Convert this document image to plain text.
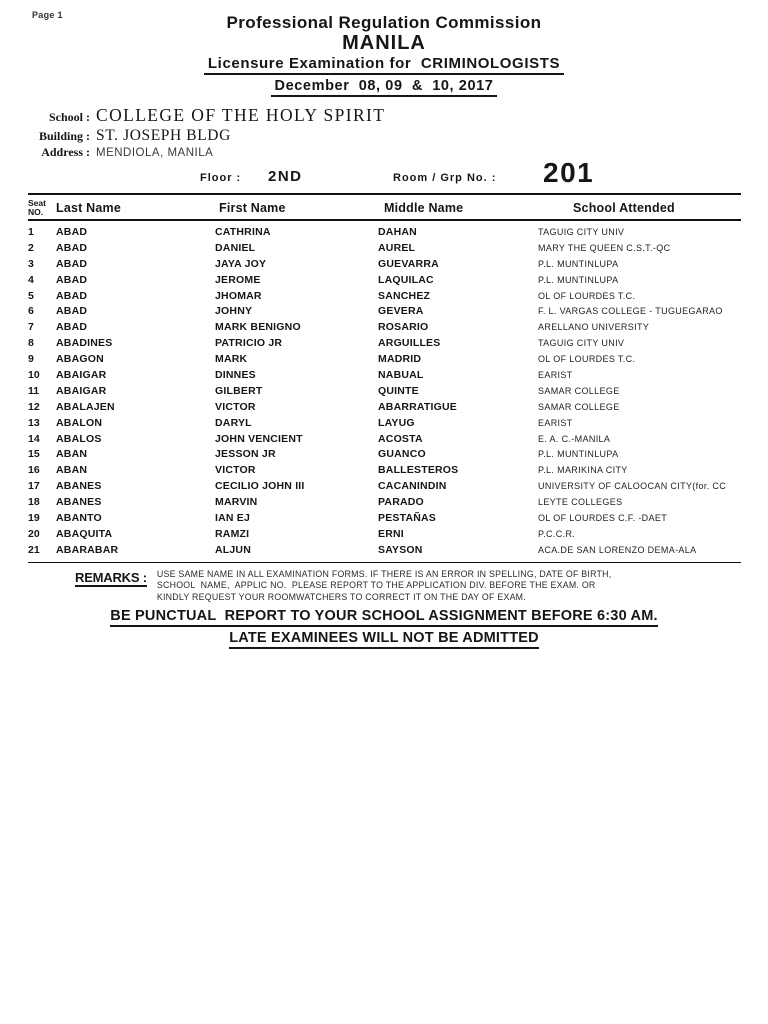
Page 1	Professional Regulation Commission
MANILA
Licensure Examination for  CRIMINOLOGISTS
December  08, 09  &  10, 2017
School : COLLEGE OF THE HOLY SPIRIT
Building : ST. JOSEPH BLDG
Address : MENDIOLA, MANILA
Floor : 2ND	Room / Grp No. : 201
Seat
NO.	Last Name	First Name	Middle Name	School Attended
1	ABAD	CATHRINA	DAHAN	TAGUIG CITY UNIV
2	ABAD	DANIEL	AUREL	MARY THE QUEEN C.S.T.-QC
3	ABAD	JAYA JOY	GUEVARRA	P.L. MUNTINLUPA
4	ABAD	JEROME	LAQUILAC	P.L. MUNTINLUPA
5	ABAD	JHOMAR	SANCHEZ	OL OF LOURDES T.C.
6	ABAD	JOHNY	GEVERA	F. L. VARGAS COLLEGE - TUGUEGARAO
7	ABAD	MARK BENIGNO	ROSARIO	ARELLANO UNIVERSITY
8	ABADINES	PATRICIO JR	ARGUILLES	TAGUIG CITY UNIV
9	ABAGON	MARK	MADRID	OL OF LOURDES T.C.
10	ABAIGAR	DINNES	NABUAL	EARIST
11	ABAIGAR	GILBERT	QUINTE	SAMAR COLLEGE
12	ABALAJEN	VICTOR	ABARRATIGUE	SAMAR COLLEGE
13	ABALON	DARYL	LAYUG	EARIST
14	ABALOS	JOHN VENCIENT	ACOSTA	E. A. C.-MANILA
15	ABAN	JESSON JR	GUANCO	P.L. MUNTINLUPA
16	ABAN	VICTOR	BALLESTEROS	P.L. MARIKINA CITY
17	ABANES	CECILIO JOHN III	CACANINDIN	UNIVERSITY OF CALOOCAN CITY(for. CC
18	ABANES	MARVIN	PARADO	LEYTE COLLEGES
19	ABANTO	IAN EJ	PESTAÑAS	OL OF LOURDES C.F. -DAET
20	ABAQUITA	RAMZI	ERNI	P.C.C.R.
21	ABARABAR	ALJUN	SAYSON	ACA.DE SAN LORENZO DEMA-ALA
REMARKS : USE SAME NAME IN ALL EXAMINATION FORMS. IF THERE IS AN ERROR IN SPELLING, DATE OF BIRTH,
SCHOOL  NAME,  APPLIC NO.  PLEASE REPORT TO THE APPLICATION DIV. BEFORE THE EXAM. OR
KINDLY REQUEST YOUR ROOMWATCHERS TO CORRECT IT ON THE DAY OF EXAM.
BE PUNCTUAL  REPORT TO YOUR SCHOOL ASSIGNMENT BEFORE 6:30 AM.
LATE EXAMINEES WILL NOT BE ADMITTED
